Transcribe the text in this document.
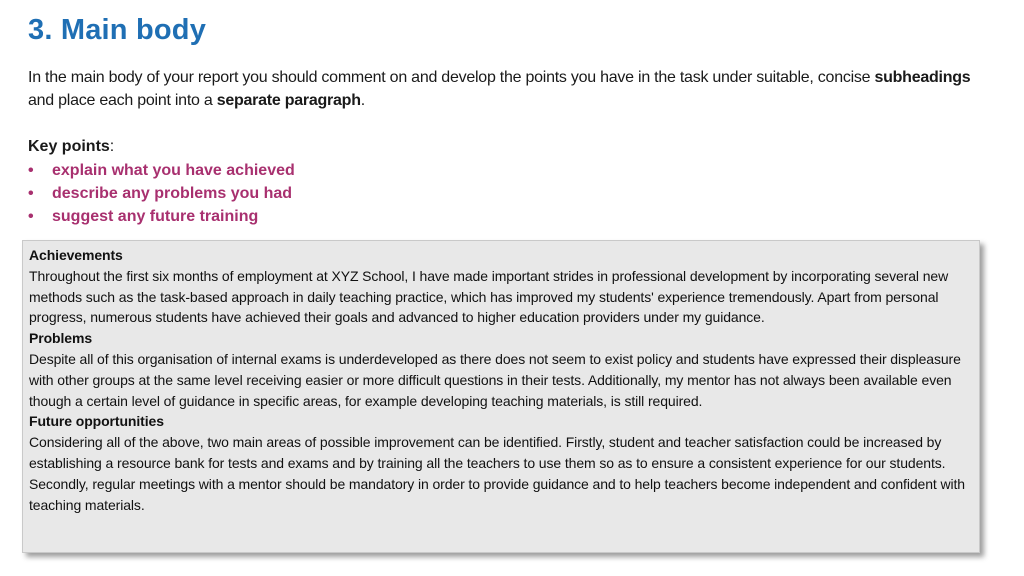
3. Main body
In the main body of your report you should comment on and develop the points you have in the task under suitable, concise subheadings and place each point into a separate paragraph.
Key points:
• explain what you have achieved
• describe any problems you had
• suggest any future training
Achievements

Throughout the first six months of employment at XYZ School, I have made important strides in professional development by incorporating several new methods such as the task-based approach in daily teaching practice, which has improved my students' experience tremendously. Apart from personal progress, numerous students have achieved their goals and advanced to higher education providers under my guidance.

Problems

Despite all of this organisation of internal exams is underdeveloped as there does not seem to exist policy and students have expressed their displeasure with other groups at the same level receiving easier or more difficult questions in their tests. Additionally, my mentor has not always been available even though a certain level of guidance in specific areas, for example developing teaching materials, is still required.

Future opportunities

Considering all of the above, two main areas of possible improvement can be identified. Firstly, student and teacher satisfaction could be increased by establishing a resource bank for tests and exams and by training all the teachers to use them so as to ensure a consistent experience for our students. Secondly, regular meetings with a mentor should be mandatory in order to provide guidance and to help teachers become independent and confident with teaching materials.
